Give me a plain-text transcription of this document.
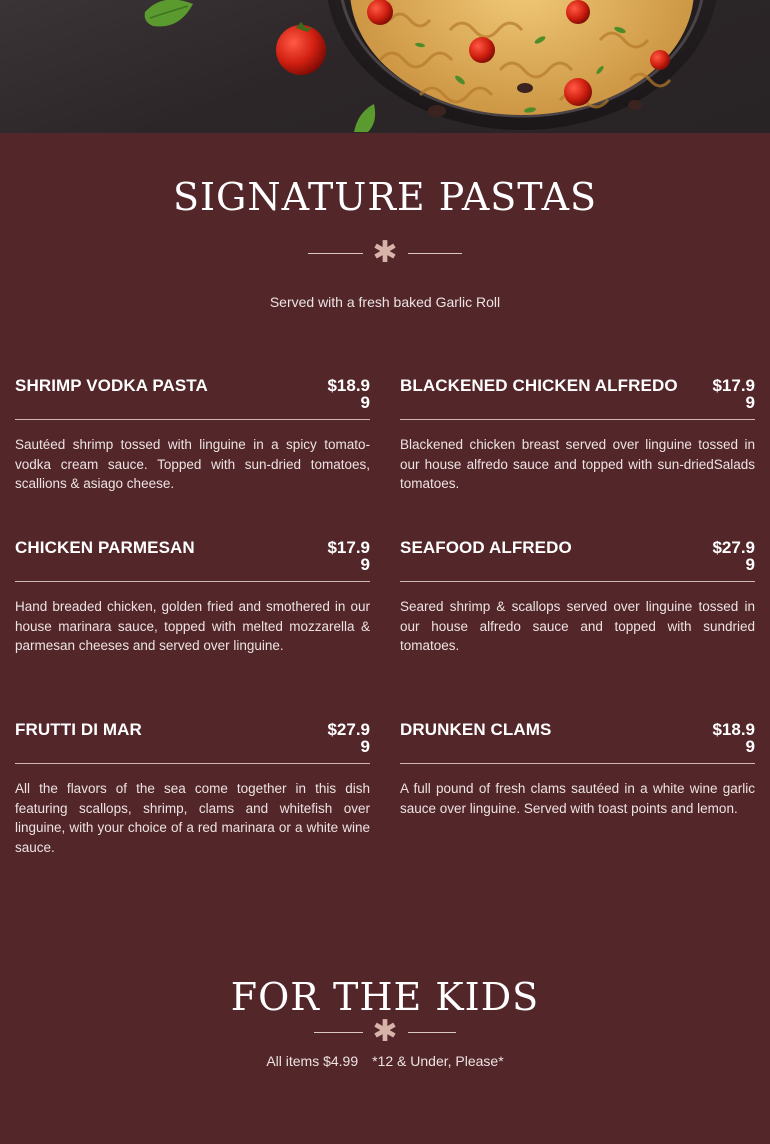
SIGNATURE PASTAS
✱

Served with a fresh baked Garlic Roll

SHRIMP VODKA PASTA	$18.99

Sautéed shrimp tossed with linguine in a spicy tomato-vodka cream sauce. Topped with sun-dried tomatoes, scallions & asiago cheese.

BLACKENED CHICKEN ALFREDO $17.99

Blackened chicken breast served over linguine tossed in our house alfredo sauce and topped with sun-driedSalads tomatoes.

CHICKEN PARMESAN	$17.99

Hand breaded chicken, golden fried and smothered in our house marinara sauce, topped with melted mozzarella & parmesan cheeses and served over linguine.

SEAFOOD ALFREDO	$27.99

Seared shrimp & scallops served over linguine tossed in our house alfredo sauce and topped with sundried tomatoes.

FRUTTI DI MAR	$27.99

All the flavors of the sea come together in this dish featuring scallops, shrimp, clams and whitefish over linguine, with your choice of a red marinara or a white wine sauce.

DRUNKEN CLAMS	$18.99

A full pound of fresh clams sautéed in a white wine garlic sauce over linguine. Served with toast points and lemon.

FOR THE KIDS
✱

All items $4.99 *12 & Under, Please*
